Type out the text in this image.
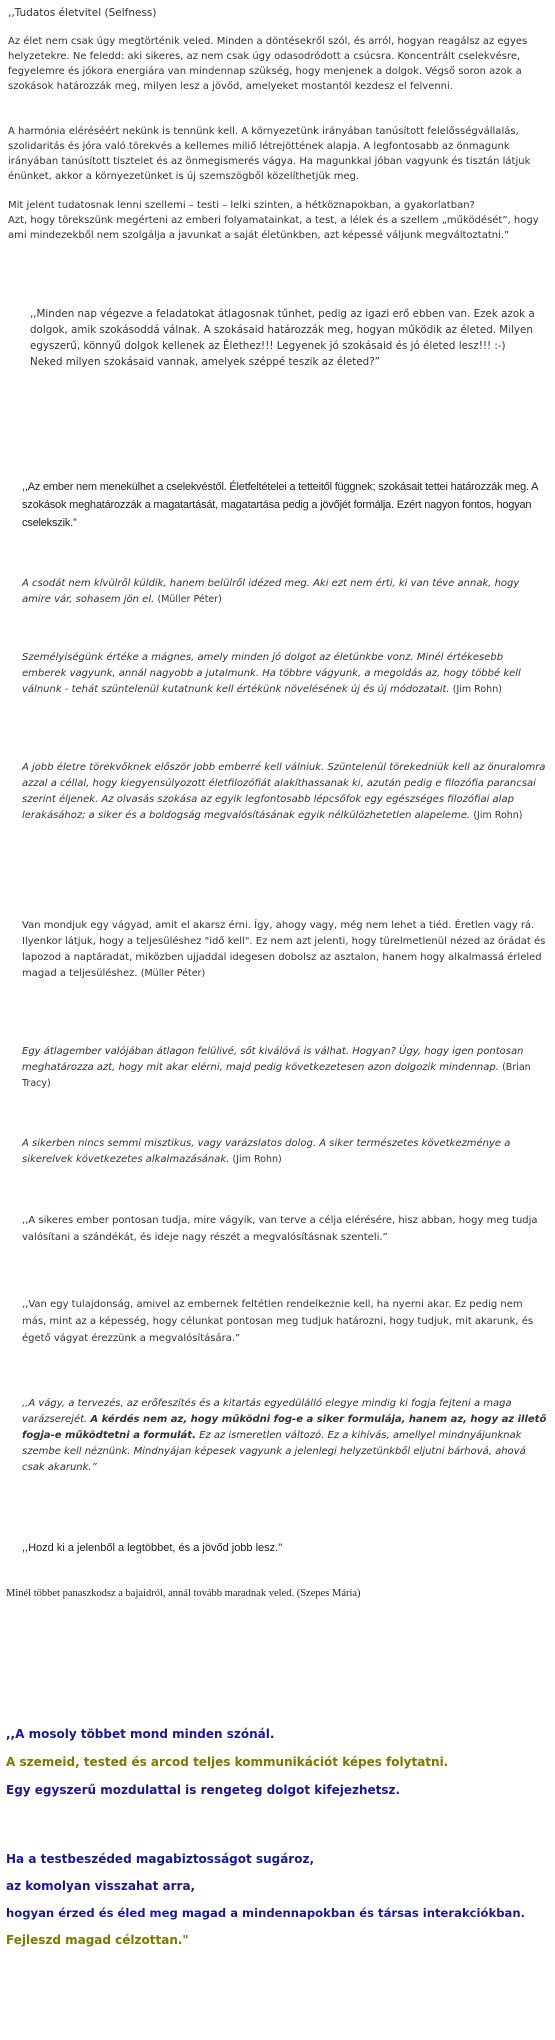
,,Tudatos életvitel (Selfness)
Az élet nem csak úgy megtörténik veled. Minden a döntésekről szól, és arról, hogyan reagálsz az egyes helyzetekre. Ne feledd: aki sikeres, az nem csak úgy odasodródott a csúcsra. Koncentrált cselekvésre, fegyelemre és jókora energiára van mindennap szükség, hogy menjenek a dolgok. Végső soron azok a szokások határozzák meg, milyen lesz a jövőd, amelyeket mostantól kezdesz el felvenni.
A harmónia eléréséért nekünk is tennünk kell. A környezetünk irányában tanúsított felelősségvállalás, szolidaritás és jóra való törekvés a kellemes miliő létrejöttének alapja. A legfontosabb az önmagunk irányában tanúsított tisztelet és az önmegismerés vágya. Ha magunkkal jóban vagyunk és tisztán látjuk énünket, akkor a környezetünket is új szemszögből közelíthetjük meg.
Mit jelent tudatosnak lenni szellemi – testi – lelki szinten, a hétköznapokban, a gyakorlatban?
Azt, hogy törekszünk megérteni az emberi folyamatainkat, a test, a lélek és a szellem „működését”, hogy ami mindezekből nem szolgálja a javunkat a saját életünkben, azt képessé váljunk megváltoztatni.”
,,Minden nap végezve a feladatokat átlagosnak tűnhet, pedig az igazi erő ebben van. Ezek azok a dolgok, amik szokásoddá válnak. A szokásaid határozzák meg, hogyan működik az életed. Milyen egyszerű, könnyű dolgok kellenek az Élethez!!! Legyenek jó szokásaid és jó életed lesz!!! :-) Neked milyen szokásaid vannak, amelyek széppé teszik az életed?”
,,Az ember nem menekülhet a cselekvéstől. Életfeltételei a tetteitől függnek; szokásait tettei határozzák meg. A szokások meghatározzák a magatartását, magatartása pedig a jövőjét formálja. Ezért nagyon fontos, hogyan cselekszik.”
A csodát nem kívülről küldik, hanem belülről idézed meg. Aki ezt nem érti, ki van téve annak, hogy amire vár, sohasem jön el. (Müller Péter)
Személyiségünk értéke a mágnes, amely minden jó dolgot az életünkbe vonz. Minél értékesebb emberek vagyunk, annál nagyobb a jutalmunk. Ha többre vágyunk, a megoldás az, hogy többé kell válnunk - tehát szüntelenül kutatnunk kell értékünk növelésének új és új módozatait. (Jim Rohn)
A jobb életre törekvőknek először jobb emberré kell válniuk. Szüntelenül törekedniük kell az önuralomra azzal a céllal, hogy kiegyensúlyozott életfilozófiát alakíthassanak ki, azután pedig e filozófia parancsai szerint éljenek. Az olvasás szokása az egyik legfontosabb lépcsőfok egy egészséges filozófiai alap lerakásához; a siker és a boldogság megvalósításának egyik nélkülözhetetlen alapeleme. (Jim Rohn)
Van mondjuk egy vágyad, amit el akarsz érni. Így, ahogy vagy, még nem lehet a tiéd. Éretlen vagy rá. Ilyenkor látjuk, hogy a teljesüléshez "idő kell". Ez nem azt jelenti, hogy türelmetlenül nézed az órádat és lapozod a naptáradat, miközben ujjaddal idegesen dobolsz az asztalon, hanem hogy alkalmassá érleled magad a teljesüléshez. (Müller Péter)
Egy átlagember valójában átlagon felülivé, sőt kiválóvá is válhat. Hogyan? Úgy, hogy igen pontosan meghatározza azt, hogy mit akar elérni, majd pedig következetesen azon dolgozik mindennap. (Brian Tracy)
A sikerben nincs semmi misztikus, vagy varázslatos dolog. A siker természetes következménye a sikerelvek következetes alkalmazásának. (Jim Rohn)
,,A sikeres ember pontosan tudja, mire vágyik, van terve a célja elérésére, hisz abban, hogy meg tudja valósítani a szándékát, és ideje nagy részét a megvalósításnak szenteli.”
,,Van egy tulajdonság, amivel az embernek feltétlen rendelkeznie kell, ha nyerni akar. Ez pedig nem más, mint az a képesség, hogy célunkat pontosan meg tudjuk határozni, hogy tudjuk, mit akarunk, és égető vágyat érezzünk a megvalósítására.”
,,A vágy, a tervezés, az erőfeszítés és a kitartás egyedülálló elegye mindig ki fogja fejteni a maga varázserejét. A kérdés nem az, hogy működni fog-e a siker formulája, hanem az, hogy az illető fogja-e működtetni a formulát. Ez az ismeretlen változó. Ez a kihívás, amellyel mindnyájunknak szembe kell néznünk. Mindnyájan képesek vagyunk a jelenlegi helyzetünkből eljutni bárhová, ahová csak akarunk.”
,,Hozd ki a jelenből a legtöbbet, és a jövőd jobb lesz."
Minél többet panaszkodsz a bajaidról, annál tovább maradnak veled. (Szepes Mária)
,,A mosoly többet mond minden szónál.
A szemeid, tested és arcod teljes kommunikációt képes folytatni.
Egy egyszerű mozdulattal is rengeteg dolgot kifejezhetsz.
Ha a testbeszéded magabiztosságot sugároz,
az komolyan visszahat arra,
hogyan érzed és éled meg magad a mindennapokban és társas interakciókban.
Fejleszd magad célzottan."
